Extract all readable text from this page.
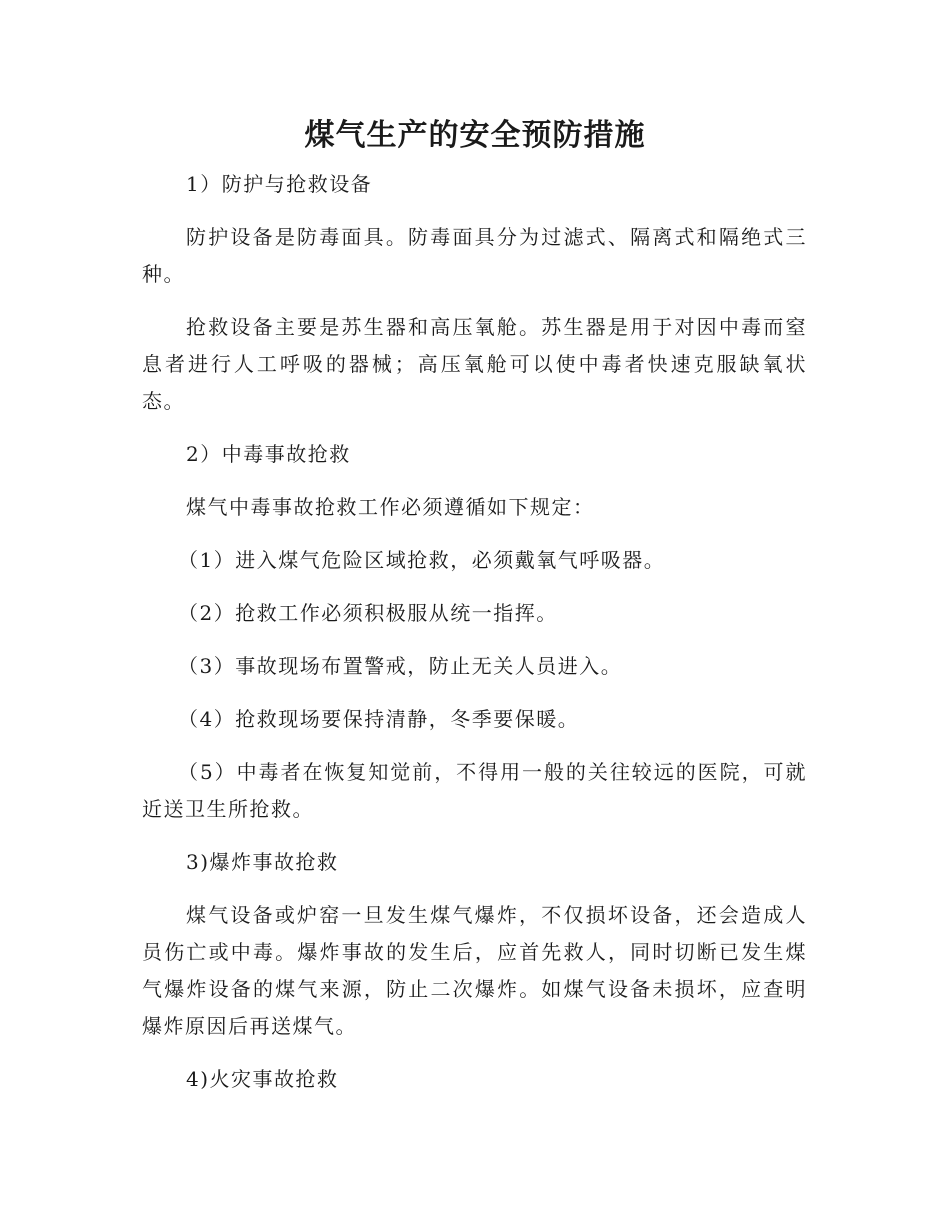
煤气生产的安全预防措施

1）防护与抢救设备

防护设备是防毒面具。防毒面具分为过滤式、隔离式和隔绝式三种。

抢救设备主要是苏生器和高压氧舱。苏生器是用于对因中毒而窒息者进行人工呼吸的器械；高压氧舱可以使中毒者快速克服缺氧状态。

2）中毒事故抢救

煤气中毒事故抢救工作必须遵循如下规定：

（1）进入煤气危险区域抢救，必须戴氧气呼吸器。

（2）抢救工作必须积极服从统一指挥。

（3）事故现场布置警戒，防止无关人员进入。

（4）抢救现场要保持清静，冬季要保暖。

（5）中毒者在恢复知觉前，不得用一般的关往较远的医院，可就近送卫生所抢救。

3)爆炸事故抢救

煤气设备或炉窑一旦发生煤气爆炸，不仅损坏设备，还会造成人员伤亡或中毒。爆炸事故的发生后，应首先救人，同时切断已发生煤气爆炸设备的煤气来源，防止二次爆炸。如煤气设备未损坏，应查明爆炸原因后再送煤气。

4)火灾事故抢救
